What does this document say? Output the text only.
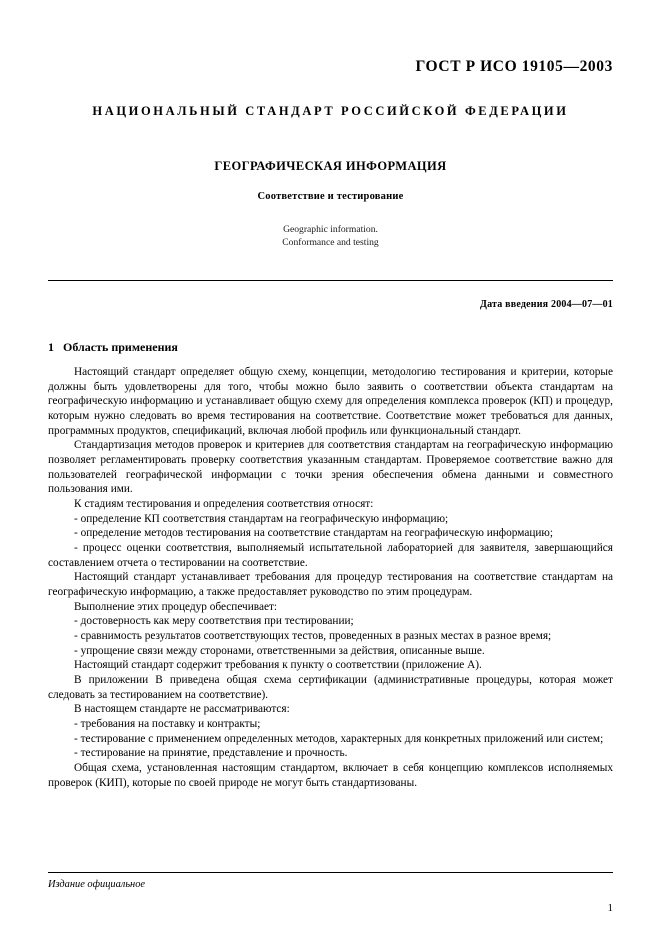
ГОСТ Р ИСО 19105—2003
НАЦИОНАЛЬНЫЙ СТАНДАРТ РОССИЙСКОЙ ФЕДЕРАЦИИ
ГЕОГРАФИЧЕСКАЯ ИНФОРМАЦИЯ
Соответствие и тестирование
Geographic information.
Conformance and testing
Дата введения 2004—07—01
1 Область применения

Настоящий стандарт определяет общую схему, концепции, методологию тестирования и критерии, которые должны быть удовлетворены для того, чтобы можно было заявить о соответствии объекта стандартам на географическую информацию и устанавливает общую схему для определения комплекса проверок (КП) и процедур, которым нужно следовать во время тестирования на соответствие. Соответствие может требоваться для данных, программных продуктов, спецификаций, включая любой профиль или функциональный стандарт.

Стандартизация методов проверок и критериев для соответствия стандартам на географическую информацию позволяет регламентировать проверку соответствия указанным стандартам. Проверяемое соответствие важно для пользователей географической информации с точки зрения обеспечения обмена данными и совместного пользования ими.

К стадиям тестирования и определения соответствия относят:

- определение КП соответствия стандартам на географическую информацию;

- определение методов тестирования на соответствие стандартам на географическую информацию;

- процесс оценки соответствия, выполняемый испытательной лабораторией для заявителя, завершающийся составлением отчета о тестировании на соответствие.

Настоящий стандарт устанавливает требования для процедур тестирования на соответствие стандартам на географическую информацию, а также предоставляет руководство по этим процедурам.

Выполнение этих процедур обеспечивает:

- достоверность как меру соответствия при тестировании;

- сравнимость результатов соответствующих тестов, проведенных в разных местах в разное время;

- упрощение связи между сторонами, ответственными за действия, описанные выше.

Настоящий стандарт содержит требования к пункту о соответствии (приложение А).

В приложении В приведена общая схема сертификации (административные процедуры, которая может следовать за тестированием на соответствие).

В настоящем стандарте не рассматриваются:

- требования на поставку и контракты;

- тестирование с применением определенных методов, характерных для конкретных приложений или систем;

- тестирование на принятие, представление и прочность.

Общая схема, установленная настоящим стандартом, включает в себя концепцию комплексов исполняемых проверок (КИП), которые по своей природе не могут быть стандартизованы.

Издание официальное
1
